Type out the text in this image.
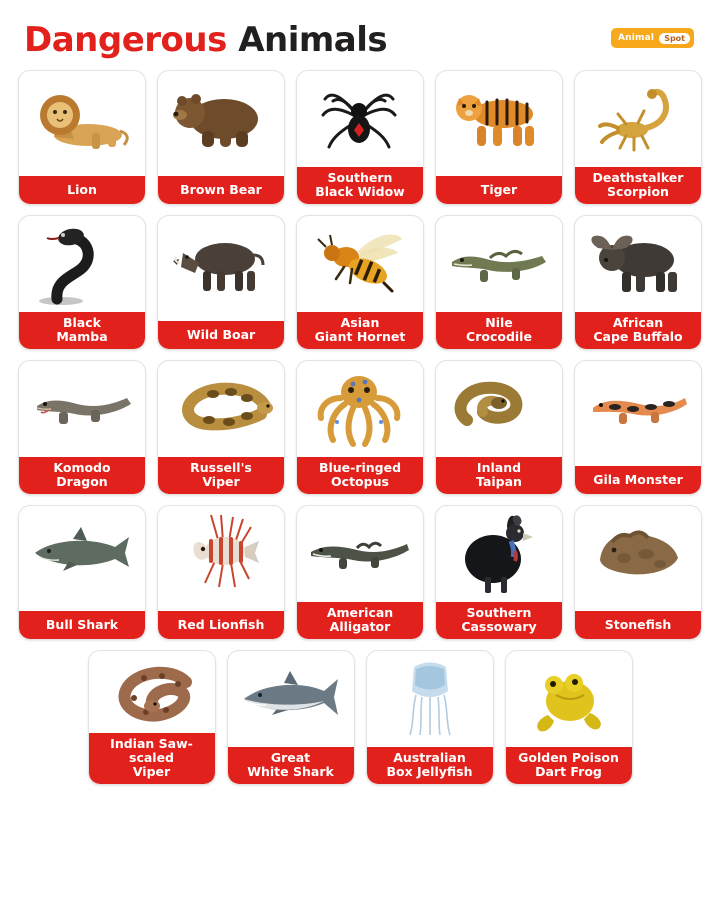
Dangerous Animals	Animal	Spot
Lion	Brown Bear
Southern
Black Widow	Tiger
Deathstalker
Scorpion
Black
Mamba	Wild Boar
Asian
Giant Hornet
Nile
Crocodile
African
Cape Buffalo
Komodo
Dragon
Russell's
Viper
Blue-ringed
Octopus
Inland
Taipan	Gila Monster
Bull Shark	Red Lionfish
American
Alligator
Southern
Cassowary	Stonefish
Indian Saw-scaled
Viper
Great
White Shark
Australian
Box Jellyfish
Golden Poison
Dart Frog
